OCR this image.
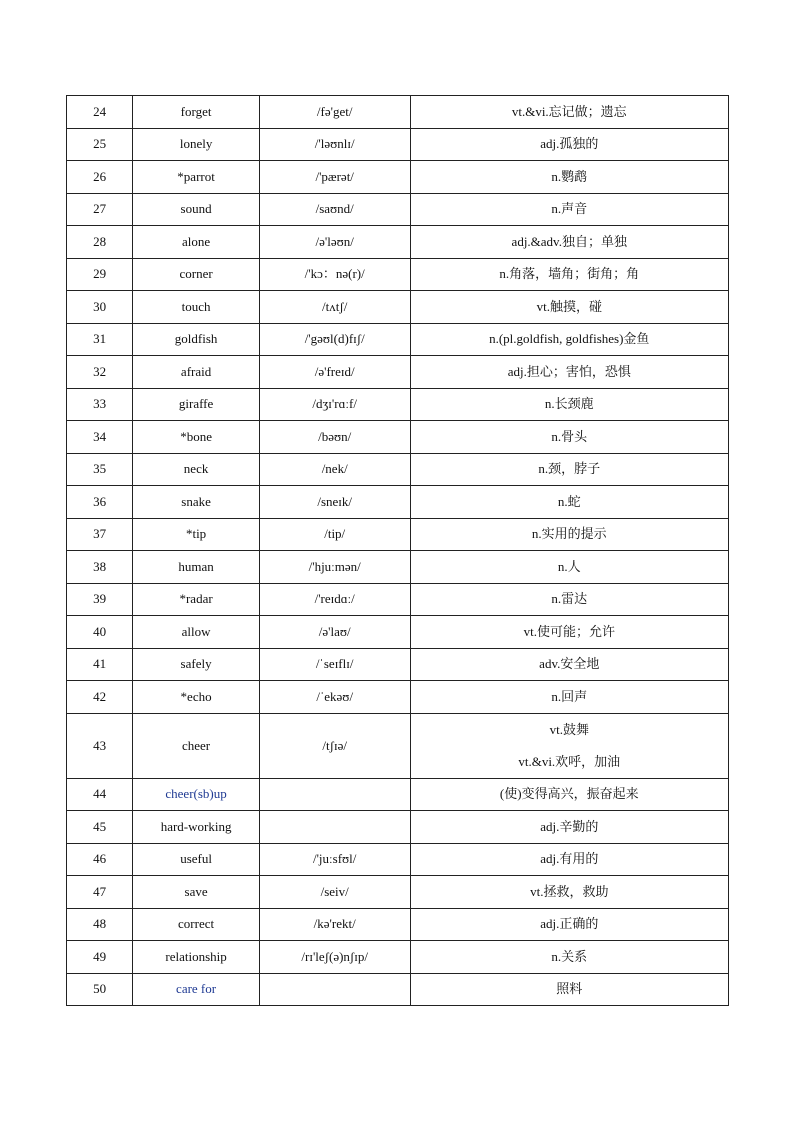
24	forget	/fə'get/	vt.&vi.忘记做；遗忘
25	lonely	/'ləʊnlɪ/	adj.孤独的
26	*parrot	/'pærət/	n.鹦鹉
27	sound	/saʊnd/	n.声音
28	alone	/ə'ləʊn/	adj.&adv.独自；单独
29	corner	/'kɔ：nə(r)/	n.角落，墙角；街角；角
30	touch	/tʌtʃ/	vt.触摸，碰
31	goldfish	/'gəʊl(d)fɪʃ/	n.(pl.goldfish, goldfishes)金鱼
32	afraid	/ə'freɪd/	adj.担心；害怕，恐惧
33	giraffe	/dʒɪ'rɑːf/	n.长颈鹿
34	*bone	/bəʊn/	n.骨头
35	neck	/nek/	n.颈，脖子
36	snake	/sneɪk/	n.蛇
37	*tip	/tip/	n.实用的提示
38	human	/'hjuːmən/	n.人
39	*radar	/'reɪdɑː/	n.雷达
40	allow	/ə'laʊ/	vt.使可能；允许
41	safely	/ˈseɪflɪ/	adv.安全地
42	*echo	/ˈekəʊ/	n.回声
43	cheer	/tʃɪə/	vt.鼓舞
vt.&vi.欢呼，加油

44	cheer(sb)up		(使)变得高兴，振奋起来
45	hard-working		adj.辛勤的
46	useful	/'juːsfʊl/	adj.有用的
47	save	/seiv/	vt.拯救，救助
48	correct	/kə'rekt/	adj.正确的
49	relationship	/rɪ'leʃ(ə)nʃɪp/	n.关系
50	care for		照料
